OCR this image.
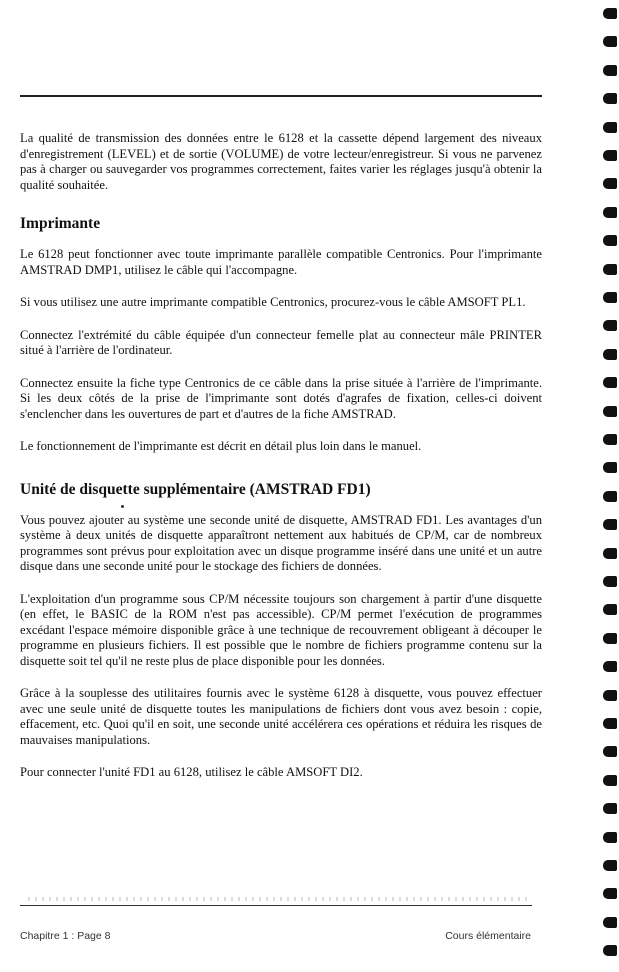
La qualité de transmission des données entre le 6128 et la cassette dépend largement des niveaux d'enregistrement (LEVEL) et de sortie (VOLUME) de votre lecteur/enregistreur. Si vous ne parvenez pas à charger ou sauvegarder vos programmes correctement, faites varier les réglages jusqu'à obtenir la qualité souhaitée.

Imprimante

Le 6128 peut fonctionner avec toute imprimante parallèle compatible Centronics. Pour l'imprimante AMSTRAD DMP1, utilisez le câble qui l'accompagne.

Si vous utilisez une autre imprimante compatible Centronics, procurez-vous le câble AMSOFT PL1.

Connectez l'extrémité du câble équipée d'un connecteur femelle plat au connecteur mâle PRINTER situé à l'arrière de l'ordinateur.

Connectez ensuite la fiche type Centronics de ce câble dans la prise située à l'arrière de l'imprimante. Si les deux côtés de la prise de l'imprimante sont dotés d'agrafes de fixation, celles-ci doivent s'enclencher dans les ouvertures de part et d'autres de la fiche AMSTRAD.

Le fonctionnement de l'imprimante est décrit en détail plus loin dans le manuel.

Unité de disquette supplémentaire (AMSTRAD FD1)

Vous pouvez ajouter au système une seconde unité de disquette, AMSTRAD FD1. Les avantages d'un système à deux unités de disquette apparaîtront nettement aux habitués de CP/M, car de nombreux programmes sont prévus pour exploitation avec un disque programme inséré dans une unité et un autre disque dans une seconde unité pour le stockage des fichiers de données.

L'exploitation d'un programme sous CP/M nécessite toujours son chargement à partir d'une disquette (en effet, le BASIC de la ROM n'est pas accessible). CP/M permet l'exécution de programmes excédant l'espace mémoire disponible grâce à une technique de recouvrement obligeant à découper le programme en plusieurs fichiers. Il est possible que le nombre de fichiers programme contenu sur la disquette soit tel qu'il ne reste plus de place disponible pour les données.

Grâce à la souplesse des utilitaires fournis avec le système 6128 à disquette, vous pouvez effectuer avec une seule unité de disquette toutes les manipulations de fichiers dont vous avez besoin : copie, effacement, etc. Quoi qu'il en soit, une seconde unité accélérera ces opérations et réduira les risques de mauvaises manipulations.

Pour connecter l'unité FD1 au 6128, utilisez le câble AMSOFT DI2.

Chapitre 1 : Page 8	Cours élémentaire
